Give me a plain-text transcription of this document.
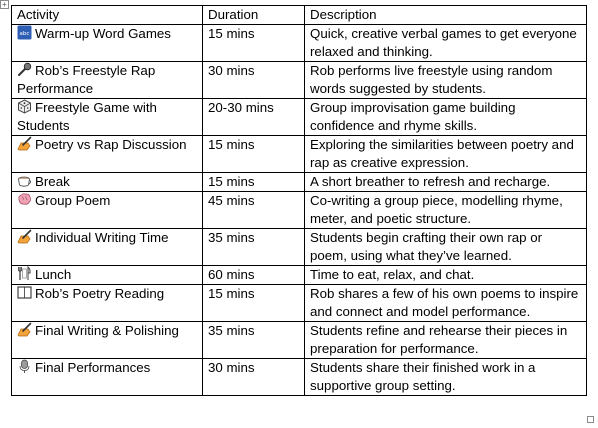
+
Activity	Duration	Description

abc Warm-up Word Games	15 mins	Quick, creative verbal games to get everyone relaxed and thinking.

Rob’s Freestyle Rap Performance	30 mins	Rob performs live freestyle using random words suggested by students.

Freestyle Game with Students	20-30 mins	Group improvisation game building confidence and rhyme skills.

Poetry vs Rap Discussion	15 mins	Exploring the similarities between poetry and rap as creative expression.

Break	15 mins	A short breather to refresh and recharge.

Group Poem	45 mins	Co-writing a group piece, modelling rhyme, meter, and poetic structure.

Individual Writing Time	35 mins	Students begin crafting their own rap or poem, using what they’ve learned.

Lunch	60 mins	Time to eat, relax, and chat.

Rob’s Poetry Reading	15 mins	Rob shares a few of his own poems to inspire and connect and model performance.

Final Writing & Polishing	35 mins	Students refine and rehearse their pieces in preparation for performance.

Final Performances	30 mins	Students share their finished work in a supportive group setting.
